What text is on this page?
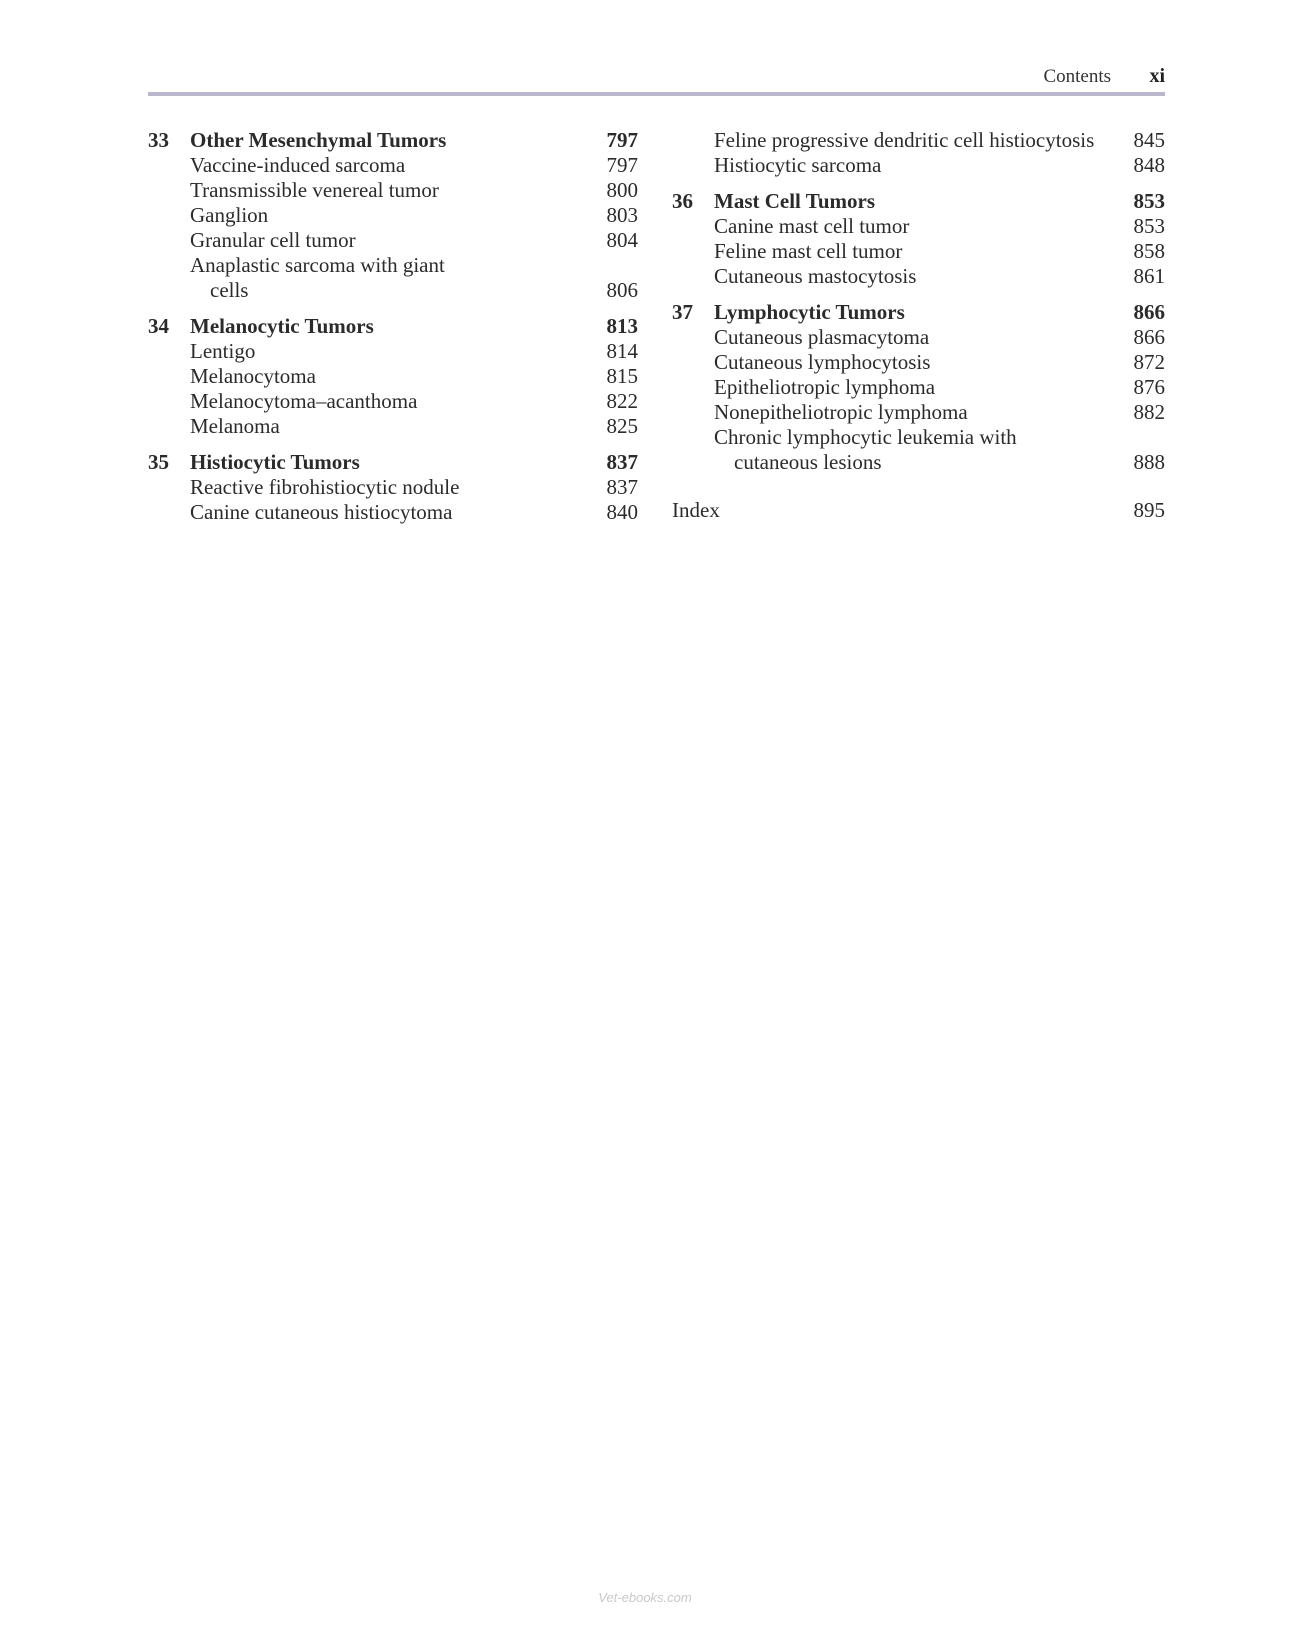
Contents xi
33 Other Mesenchymal Tumors	797
Vaccine-induced sarcoma	797
Transmissible venereal tumor	800
Ganglion	803
Granular cell tumor	804
Anaplastic sarcoma with giant
cells	806
34 Melanocytic Tumors	813
Lentigo	814
Melanocytoma	815
Melanocytoma–acanthoma	822
Melanoma	825
35 Histiocytic Tumors	837
Reactive fibrohistiocytic nodule	837
Canine cutaneous histiocytoma	840
Feline progressive dendritic cell histiocytosis	845
Histiocytic sarcoma	848
36 Mast Cell Tumors	853
Canine mast cell tumor	853
Feline mast cell tumor	858
Cutaneous mastocytosis	861
37 Lymphocytic Tumors	866
Cutaneous plasmacytoma	866
Cutaneous lymphocytosis	872
Epitheliotropic lymphoma	876
Nonepitheliotropic lymphoma	882
Chronic lymphocytic leukemia with
cutaneous lesions	888
Index	895
Vet-ebooks.com
